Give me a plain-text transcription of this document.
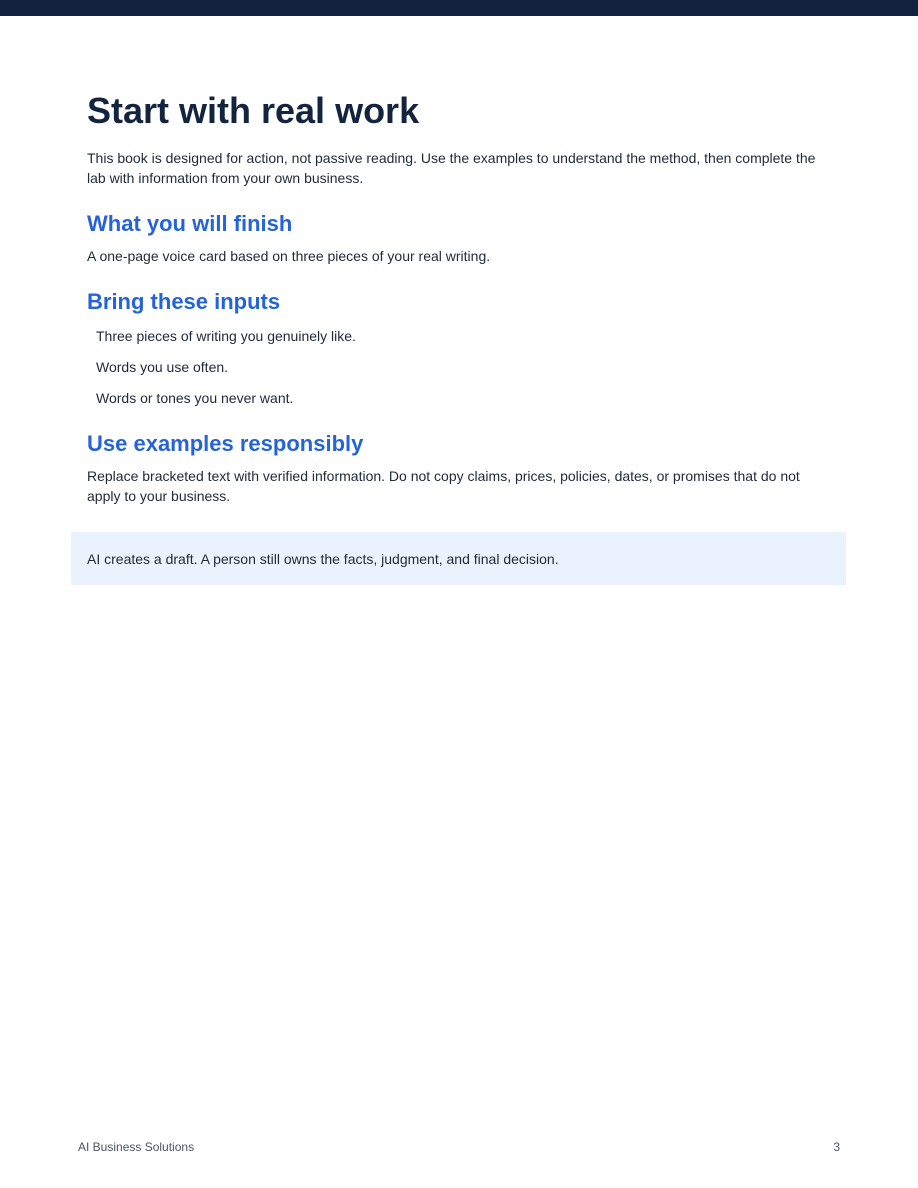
Start with real work

This book is designed for action, not passive reading. Use the examples to understand the method, then complete the lab with information from your own business.

What you will finish

A one-page voice card based on three pieces of your real writing.

Bring these inputs
Three pieces of writing you genuinely like.
Words you use often.
Words or tones you never want.
Use examples responsibly

Replace bracketed text with verified information. Do not copy claims, prices, policies, dates, or promises that do not apply to your business.

AI creates a draft. A person still owns the facts, judgment, and final decision.
AI Business Solutions	3
